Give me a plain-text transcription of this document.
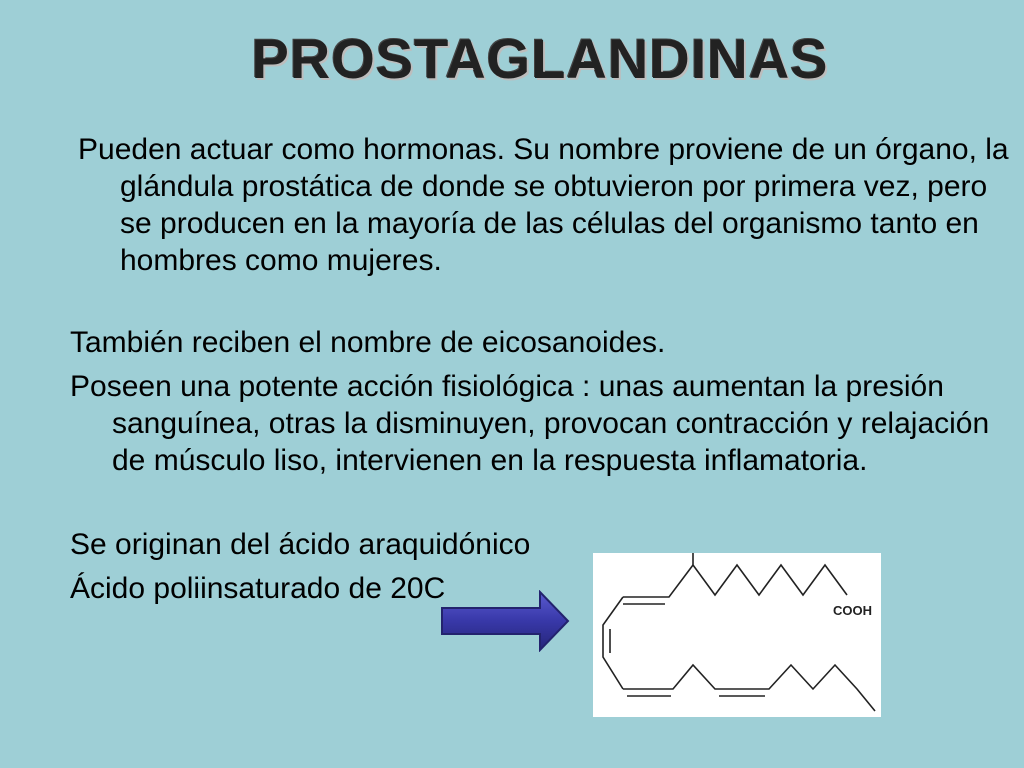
PROSTAGLANDINAS
Pueden actuar como hormonas. Su nombre proviene de un órgano, la glándula prostática de donde se obtuvieron por primera vez, pero se producen en la mayoría de las células del organismo tanto en hombres como mujeres.
También reciben el nombre de eicosanoides.
Poseen una potente acción fisiológica : unas aumentan la presión sanguínea, otras la disminuyen, provocan contracción y relajación de músculo liso, intervienen en la respuesta inflamatoria.
Se originan del ácido araquidónico
Ácido poliinsaturado de 20C
COOH
